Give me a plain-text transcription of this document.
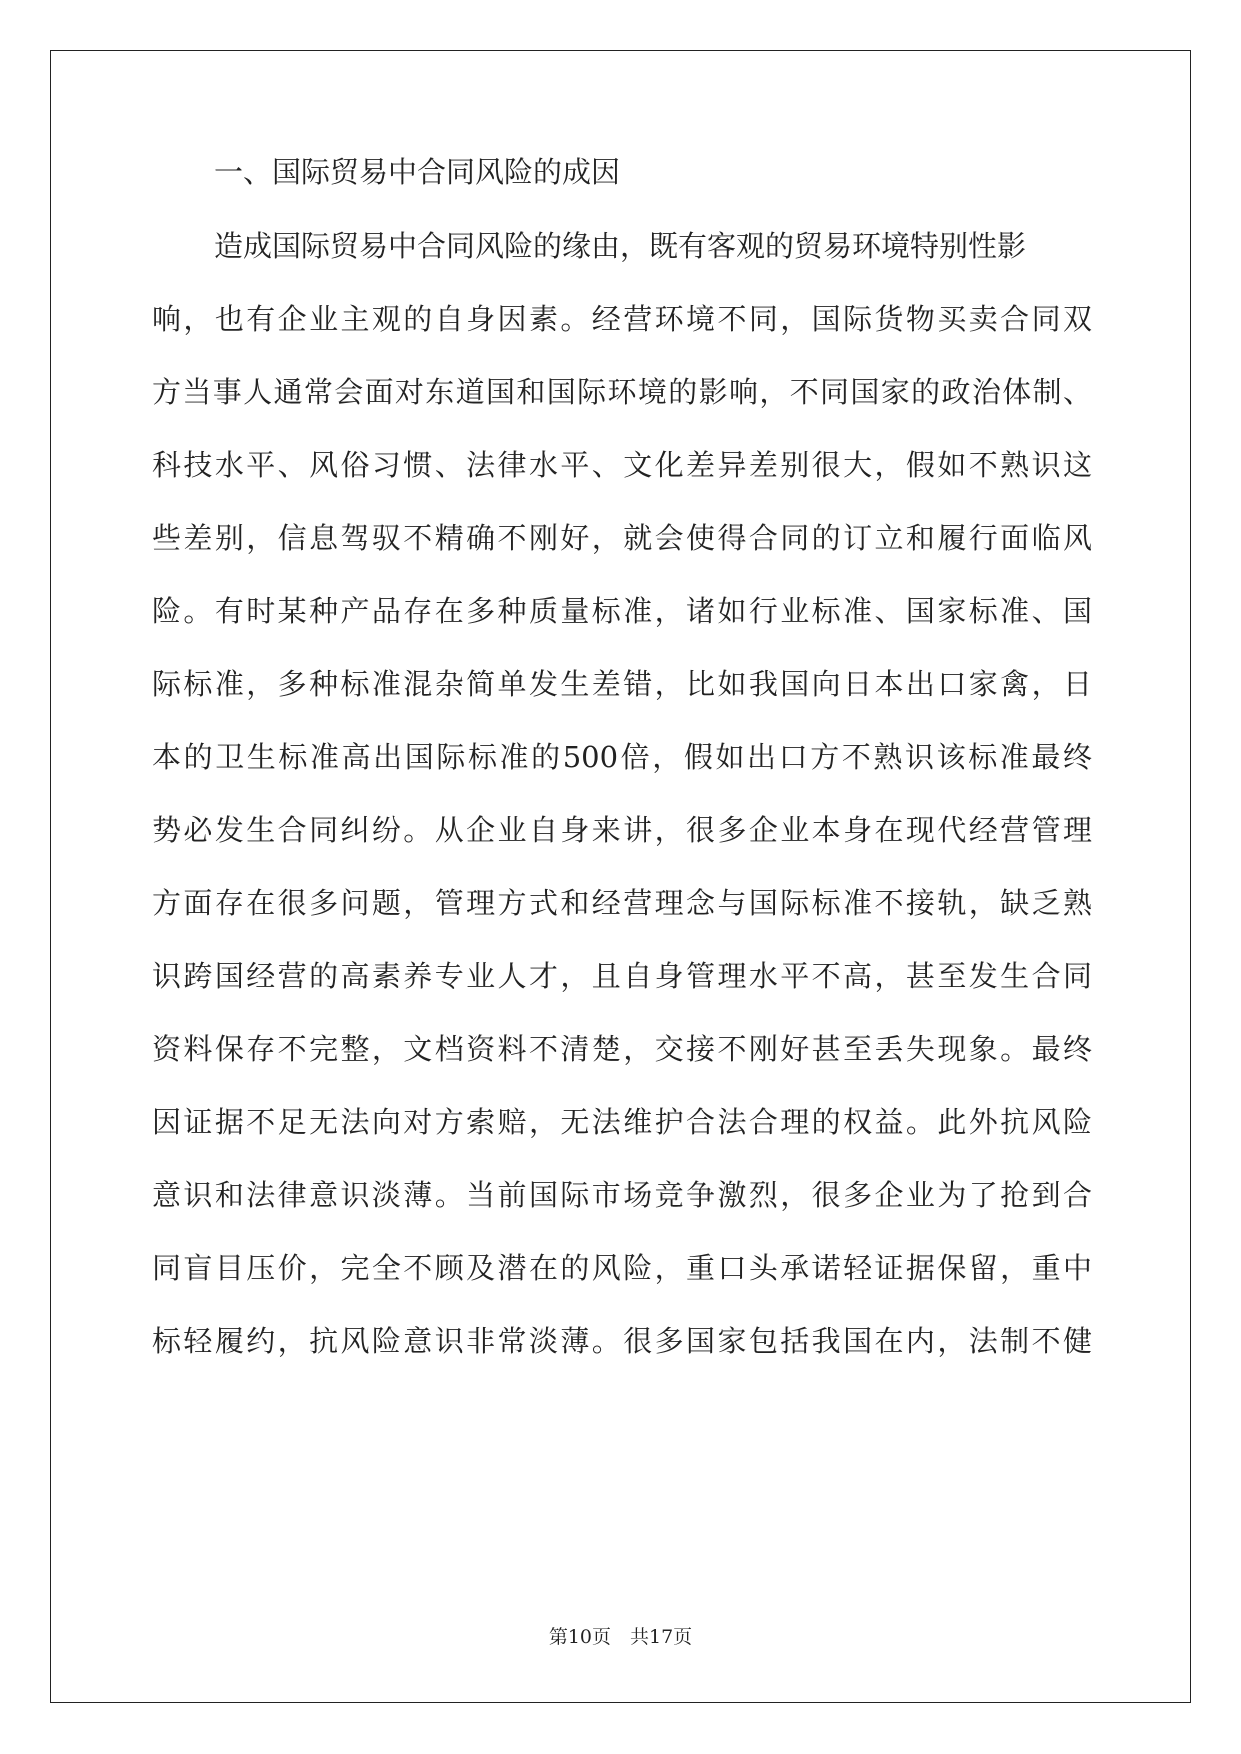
一、国际贸易中合同风险的成因
造成国际贸易中合同风险的缘由，既有客观的贸易环境特别性影
响，也有企业主观的自身因素。经营环境不同，国际货物买卖合同双
方当事人通常会面对东道国和国际环境的影响，不同国家的政治体制、
科技水平、风俗习惯、法律水平、文化差异差别很大，假如不熟识这
些差别，信息驾驭不精确不刚好，就会使得合同的订立和履行面临风
险。有时某种产品存在多种质量标准，诸如行业标准、国家标准、国
际标准，多种标准混杂简单发生差错，比如我国向日本出口家禽，日
本的卫生标准高出国际标准的500倍，假如出口方不熟识该标准最终
势必发生合同纠纷。从企业自身来讲，很多企业本身在现代经营管理
方面存在很多问题，管理方式和经营理念与国际标准不接轨，缺乏熟
识跨国经营的高素养专业人才，且自身管理水平不高，甚至发生合同
资料保存不完整，文档资料不清楚，交接不刚好甚至丢失现象。最终
因证据不足无法向对方索赔，无法维护合法合理的权益。此外抗风险
意识和法律意识淡薄。当前国际市场竞争激烈，很多企业为了抢到合
同盲目压价，完全不顾及潜在的风险，重口头承诺轻证据保留，重中
标轻履约，抗风险意识非常淡薄。很多国家包括我国在内，法制不健
第10页　共17页
